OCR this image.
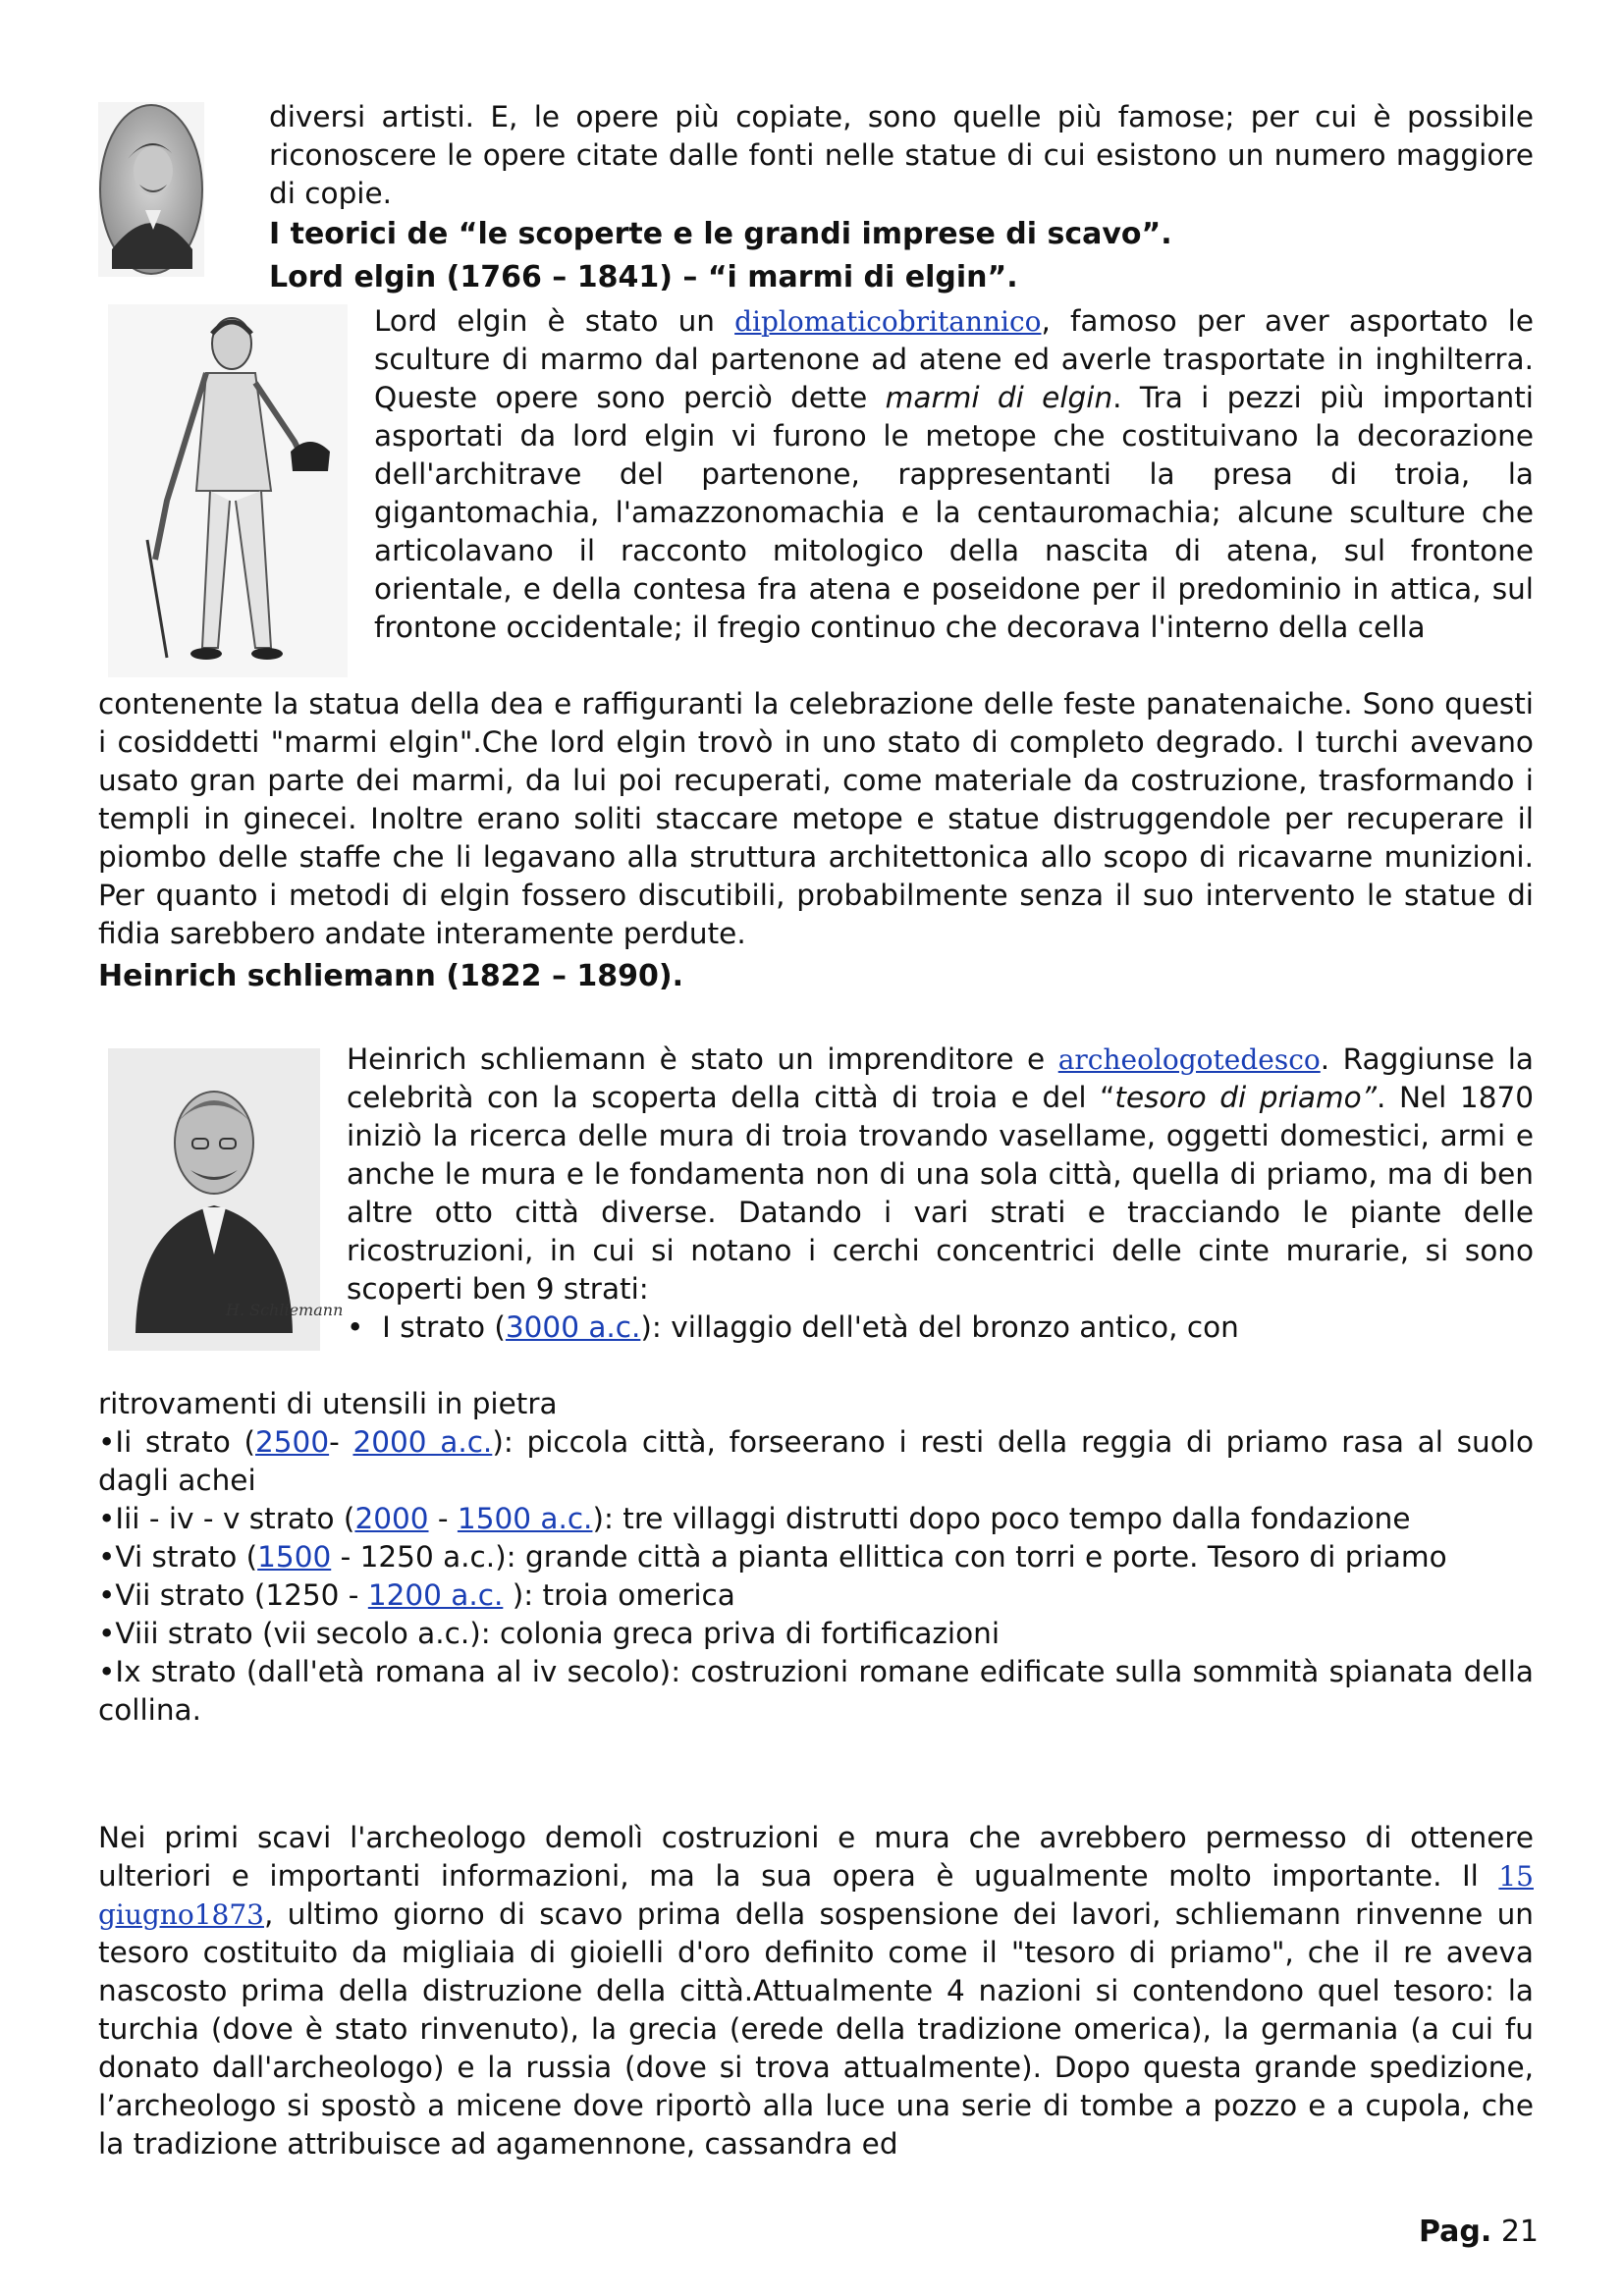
diversi artisti. E, le opere più copiate, sono quelle più famose; per cui è possibile riconoscere le opere citate dalle fonti nelle statue di cui esistono un numero maggiore di copie.

I teorici de “le scoperte e le grandi imprese di scavo”.

Lord elgin (1766 – 1841) – “i marmi di elgin”.

Lord elgin è stato un diplomaticobritannico, famoso per aver asportato le sculture di marmo dal partenone ad atene ed averle trasportate in inghilterra. Queste opere sono perciò dette marmi di elgin. Tra i pezzi più importanti asportati da lord elgin vi furono le metope che costituivano la decorazione dell'architrave del partenone, rappresentanti la presa di troia, la gigantomachia, l'amazzonomachia e la centauromachia; alcune sculture che articolavano il racconto mitologico della nascita di atena, sul frontone orientale, e della contesa fra atena e poseidone per il predominio in attica, sul frontone occidentale; il fregio continuo che decorava l'interno della cella

contenente la statua della dea e raffiguranti la celebrazione delle feste panatenaiche. Sono questi i cosiddetti "marmi elgin".Che lord elgin trovò in uno stato di completo degrado. I turchi avevano usato gran parte dei marmi, da lui poi recuperati, come materiale da costruzione, trasformando i templi in ginecei. Inoltre erano soliti staccare metope e statue distruggendole per recuperare il piombo delle staffe che li legavano alla struttura architettonica allo scopo di ricavarne munizioni. Per quanto i metodi di elgin fossero discutibili, probabilmente senza il suo intervento le statue di fidia sarebbero andate interamente perdute.

Heinrich schliemann (1822 – 1890).

H. Schliemann

Heinrich schliemann è stato un imprenditore e archeologotedesco. Raggiunse la celebrità con la scoperta della città di troia e del “tesoro di priamo”. Nel 1870 iniziò la ricerca delle mura di troia trovando vasellame, oggetti domestici, armi e anche le mura e le fondamenta non di una sola città, quella di priamo, ma di ben altre otto città diverse. Datando i vari strati e tracciando le piante delle ricostruzioni, in cui si notano i cerchi concentrici delle cinte murarie, si sono scoperti ben 9 strati:

•  I strato (3000 a.c.): villaggio dell'età del bronzo antico, con

ritrovamenti di utensili in pietra

•Ii strato (2500- 2000 a.c.): piccola città, forseerano i resti della reggia di priamo rasa al suolo dagli achei

•Iii - iv - v strato (2000 - 1500 a.c.): tre villaggi distrutti dopo poco tempo dalla fondazione

•Vi strato (1500 - 1250 a.c.): grande città a pianta ellittica con torri e porte. Tesoro di priamo

•Vii strato (1250 - 1200 a.c. ): troia omerica

•Viii strato (vii secolo a.c.): colonia greca priva di fortificazioni

•Ix strato (dall'età romana al iv secolo): costruzioni romane edificate sulla sommità spianata della collina.

Nei primi scavi l'archeologo demolì costruzioni e mura che avrebbero permesso di ottenere ulteriori e importanti informazioni, ma la sua opera è ugualmente molto importante. Il 15 giugno1873, ultimo giorno di scavo prima della sospensione dei lavori, schliemann rinvenne un tesoro costituito da migliaia di gioielli d'oro definito come il "tesoro di priamo", che il re aveva nascosto prima della distruzione della città.Attualmente 4 nazioni si contendono quel tesoro: la turchia (dove è stato rinvenuto), la grecia (erede della tradizione omerica), la germania (a cui fu donato dall'archeologo) e la russia (dove si trova attualmente). Dopo questa grande spedizione, l’archeologo si spostò a micene dove riportò alla luce una serie di tombe a pozzo e a cupola, che la tradizione attribuisce ad agamennone, cassandra ed

Pag. 21
